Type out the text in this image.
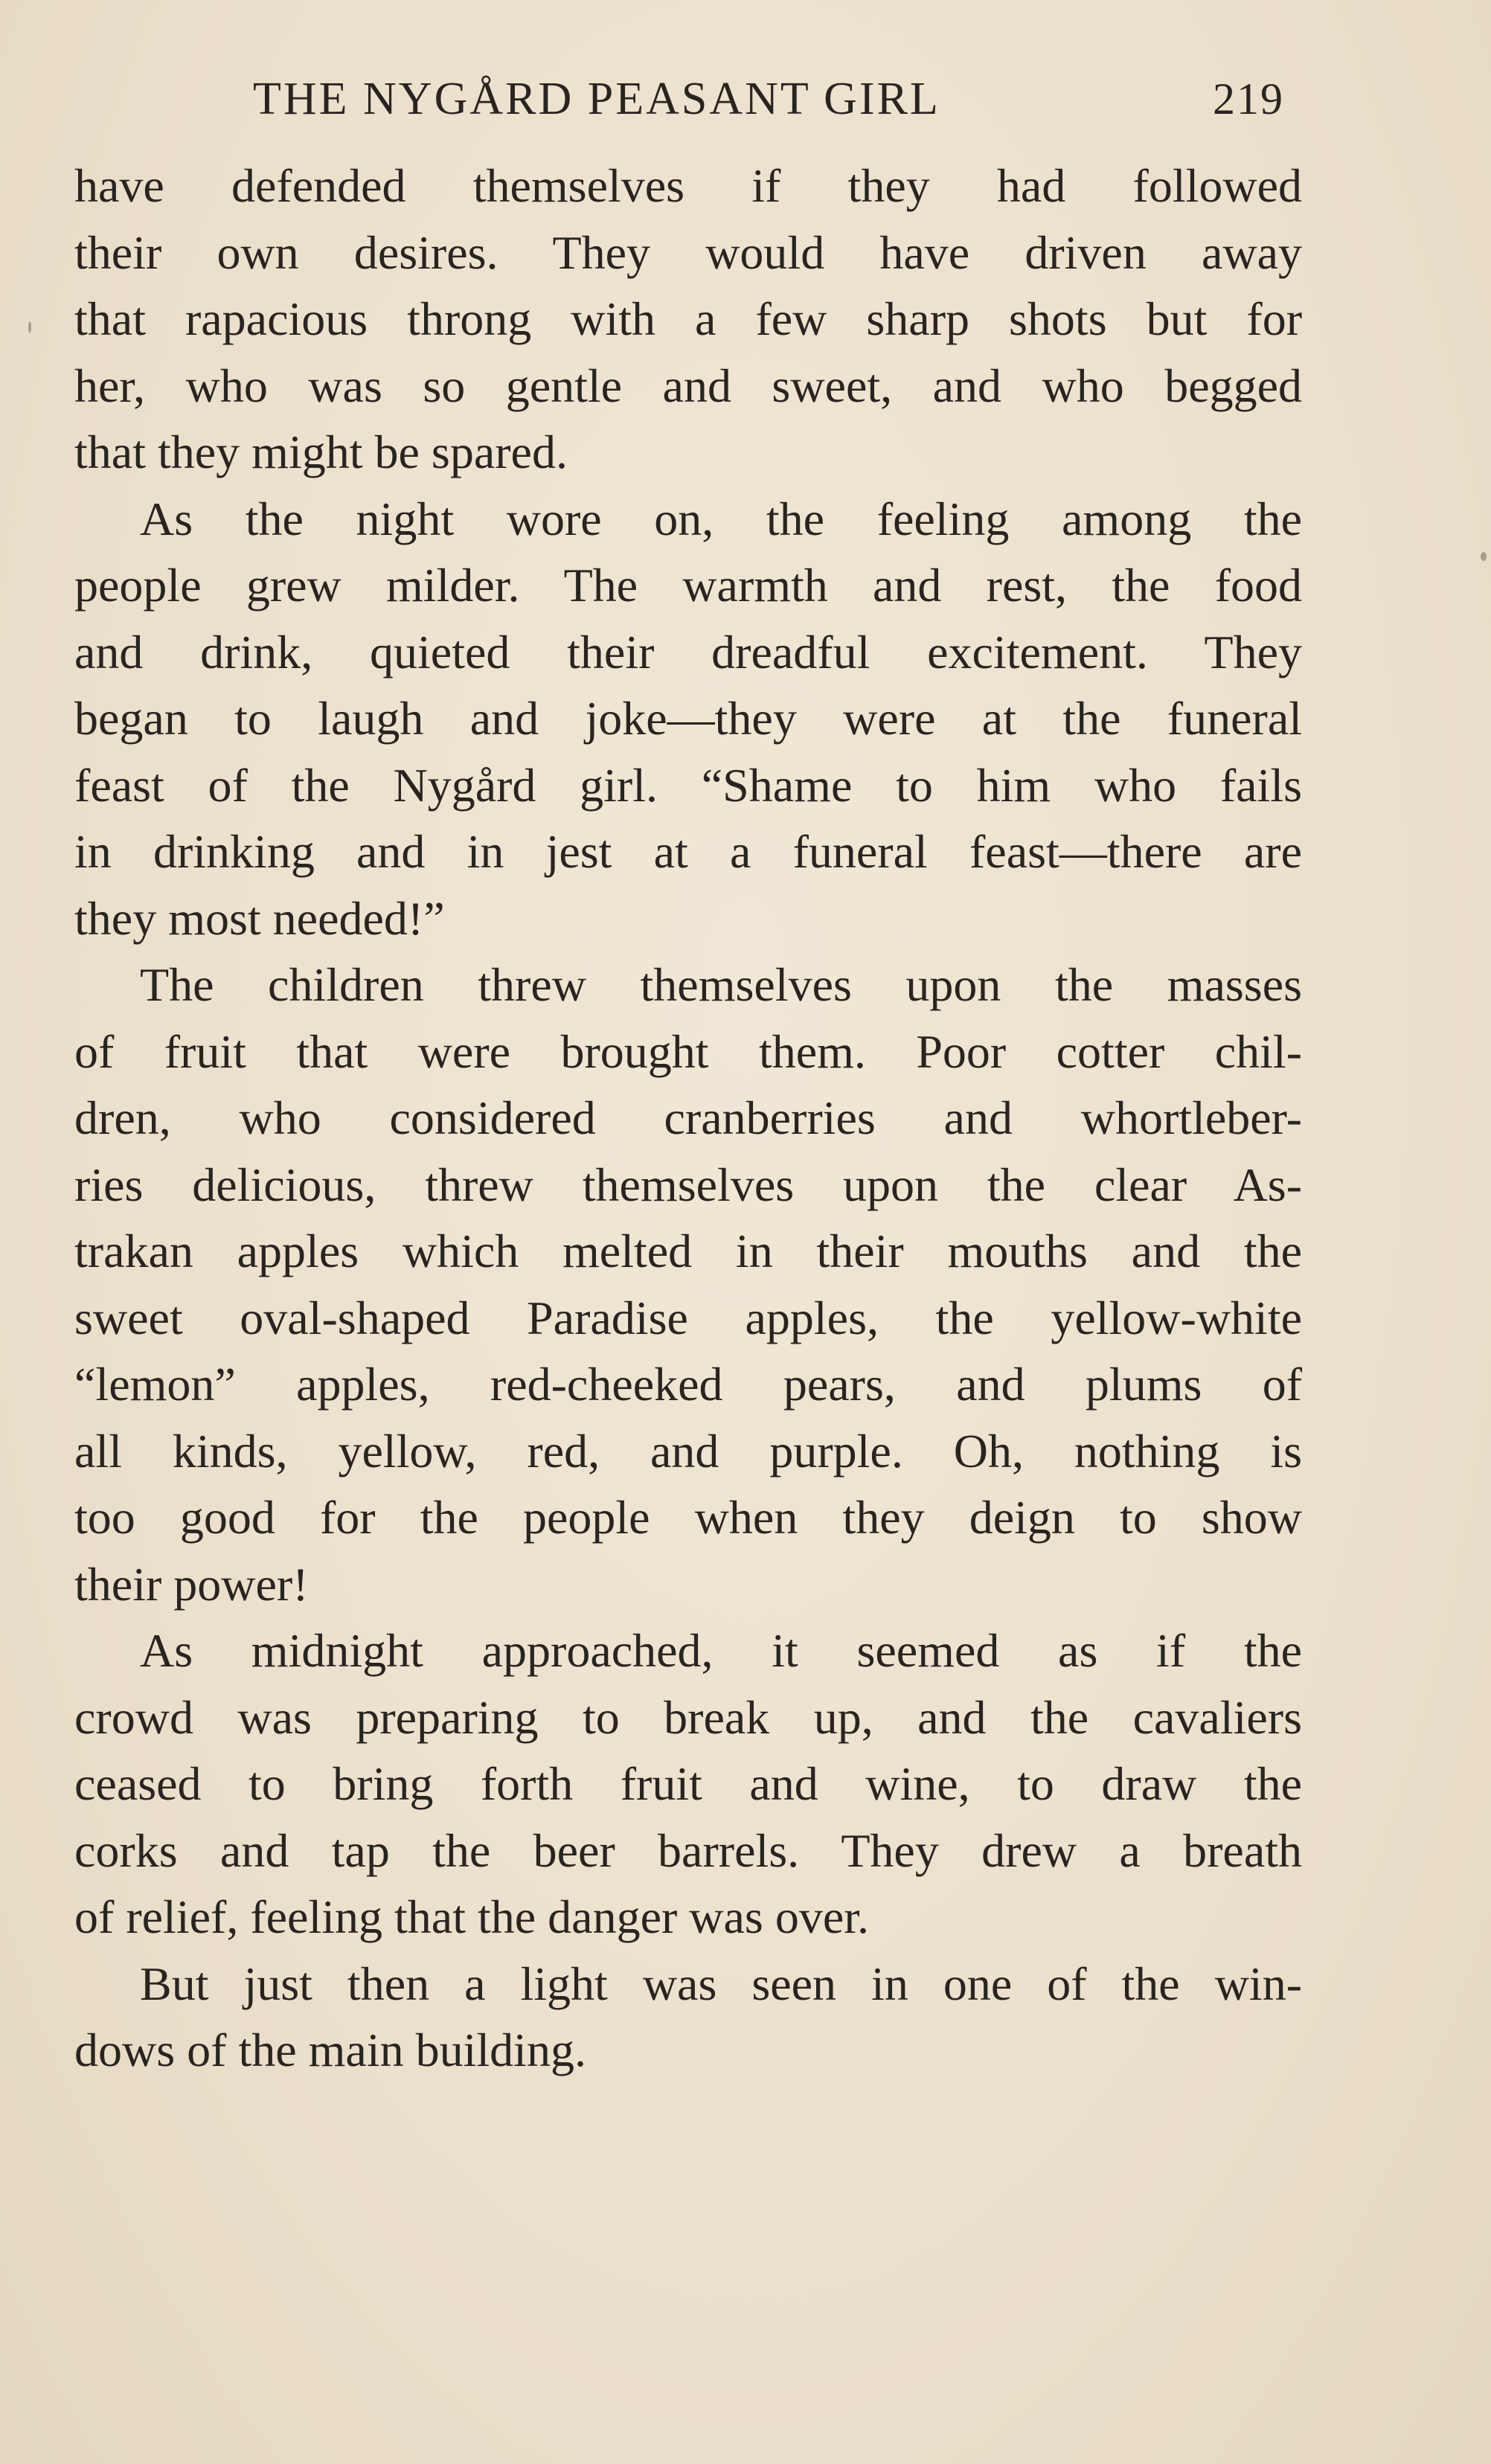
THE NYGÅRD PEASANT GIRL	219
have defended themselves if they had followed
their own desires. They would have driven away
that rapacious throng with a few sharp shots but for
her, who was so gentle and sweet, and who begged
that they might be spared.
As the night wore on, the feeling among the
people grew milder. The warmth and rest, the food
and drink, quieted their dreadful excitement. They
began to laugh and joke—they were at the funeral
feast of the Nygård girl. “Shame to him who fails
in drinking and in jest at a funeral feast—there are
they most needed!”
The children threw themselves upon the masses
of fruit that were brought them. Poor cotter chil-
dren, who considered cranberries and whortleber-
ries delicious, threw themselves upon the clear As-
trakan apples which melted in their mouths and the
sweet oval-shaped Paradise apples, the yellow-white
“lemon” apples, red-cheeked pears, and plums of
all kinds, yellow, red, and purple. Oh, nothing is
too good for the people when they deign to show
their power!
As midnight approached, it seemed as if the
crowd was preparing to break up, and the cavaliers
ceased to bring forth fruit and wine, to draw the
corks and tap the beer barrels. They drew a breath
of relief, feeling that the danger was over.
But just then a light was seen in one of the win-
dows of the main building.
